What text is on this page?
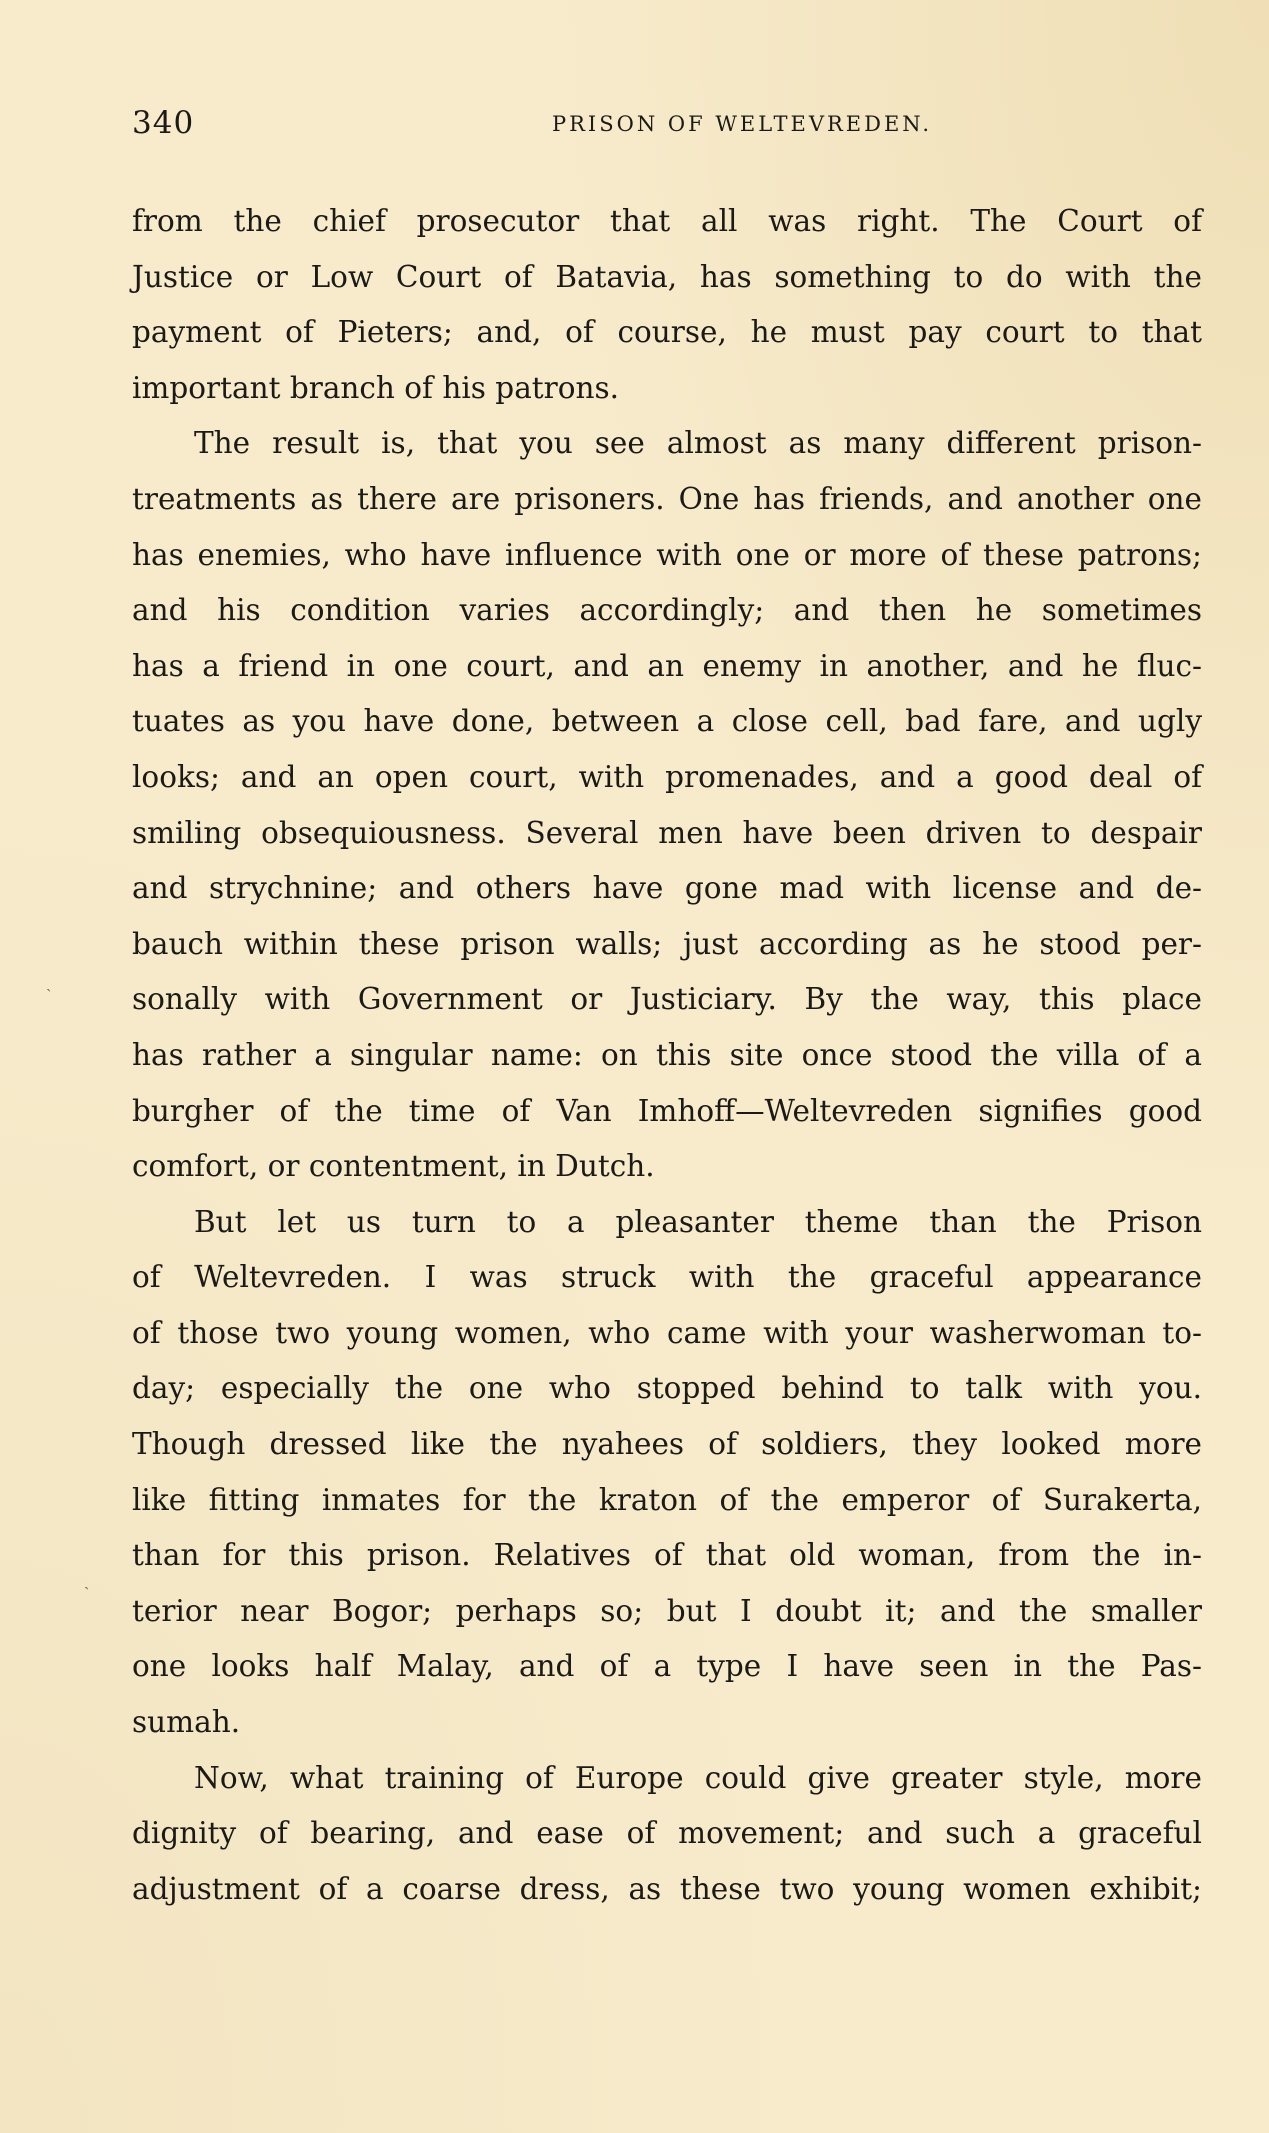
340	PRISON OF WELTEVREDEN.
from the chief prosecutor that all was right. The Court of
Justice or Low Court of Batavia, has something to do with the
payment of Pieters; and, of course, he must pay court to that
important branch of his patrons.
The result is, that you see almost as many different prison-
treatments as there are prisoners. One has friends, and another one
has enemies, who have influence with one or more of these patrons;
and his condition varies accordingly; and then he sometimes
has a friend in one court, and an enemy in another, and he fluc-
tuates as you have done, between a close cell, bad fare, and ugly
looks; and an open court, with promenades, and a good deal of
smiling obsequiousness. Several men have been driven to despair
and strychnine; and others have gone mad with license and de-
bauch within these prison walls; just according as he stood per-
sonally with Government or Justiciary. By the way, this place
has rather a singular name: on this site once stood the villa of a
burgher of the time of Van Imhoff—Weltevreden signifies good
comfort, or contentment, in Dutch.
But let us turn to a pleasanter theme than the Prison
of Weltevreden. I was struck with the graceful appearance
of those two young women, who came with your washerwoman to-
day; especially the one who stopped behind to talk with you.
Though dressed like the nyahees of soldiers, they looked more
like fitting inmates for the kraton of the emperor of Surakerta,
than for this prison. Relatives of that old woman, from the in-
terior near Bogor; perhaps so; but I doubt it; and the smaller
one looks half Malay, and of a type I have seen in the Pas-
sumah.
Now, what training of Europe could give greater style, more
dignity of bearing, and ease of movement; and such a graceful
adjustment of a coarse dress, as these two young women exhibit;
ˎ
ˎ
